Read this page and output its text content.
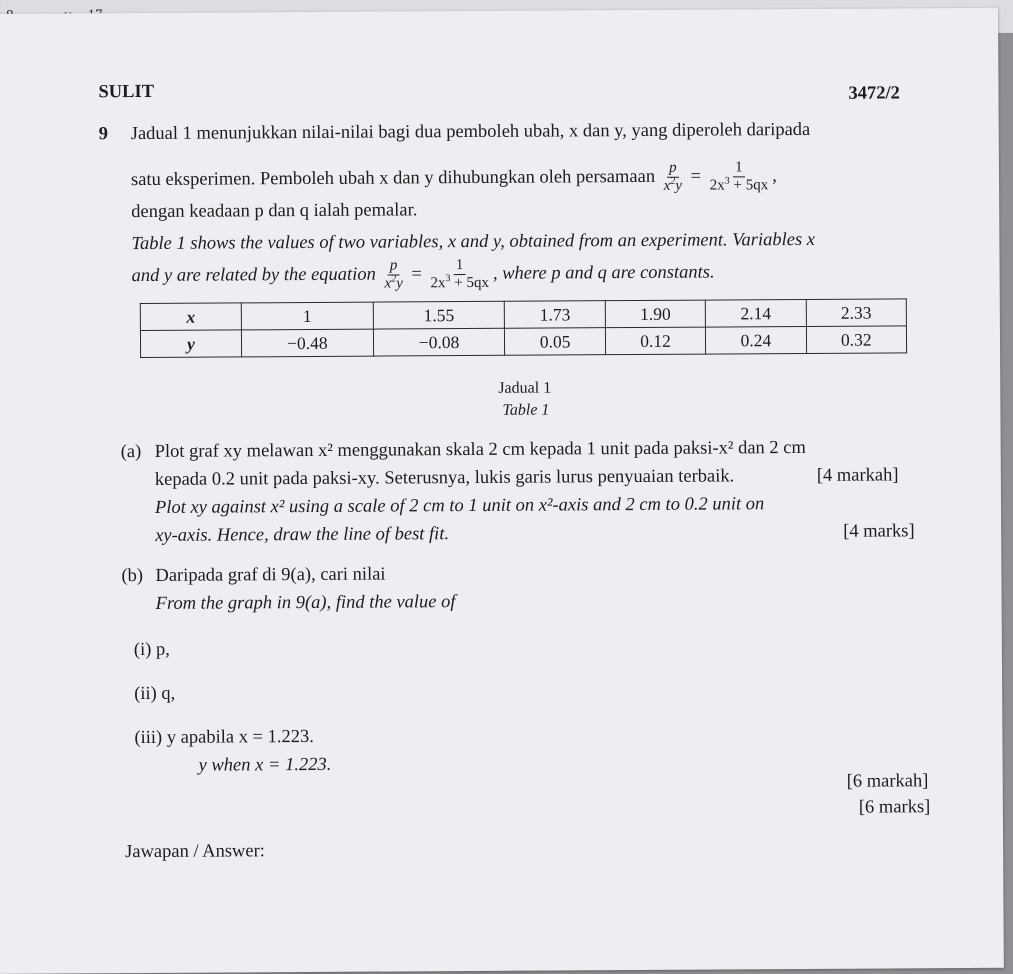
SULIT	3472/2
9 Jadual 1 menunjukkan nilai-nilai bagi dua pemboleh ubah, x dan y, yang diperoleh daripada
satu eksperimen. Pemboleh ubah x dan y dihubungkan oleh persamaan $\frac{p}{x^2y} = \frac{1}{2x^3 + 5qx}$ ,
dengan keadaan p dan q ialah pemalar.
Table 1 shows the values of two variables, x and y, obtained from an experiment. Variables x
and y are related by the equation $\frac{p}{x^2y} = \frac{1}{2x^3 + 5qx}$ , where p and q are constants.
x	1	1.55	1.73	1.90	2.14	2.33
y	−0.48	−0.08	0.05	0.12	0.24	0.32
Jadual 1
Table 1
(a) Plot graf xy melawan x² menggunakan skala 2 cm kepada 1 unit pada paksi-x² dan 2 cm
kepada 0.2 unit pada paksi-xy. Seterusnya, lukis garis lurus penyuaian terbaik.	[4 markah]
Plot xy against x² using a scale of 2 cm to 1 unit on x²-axis and 2 cm to 0.2 unit on
xy-axis. Hence, draw the line of best fit.	[4 marks]
(b) Daripada graf di 9(a), cari nilai
From the graph in 9(a), find the value of
(i) p,
(ii) q,
(iii) y apabila x = 1.223.
y when x = 1.223.
[6 markah]
[6 marks]
Jawapan / Answer:
